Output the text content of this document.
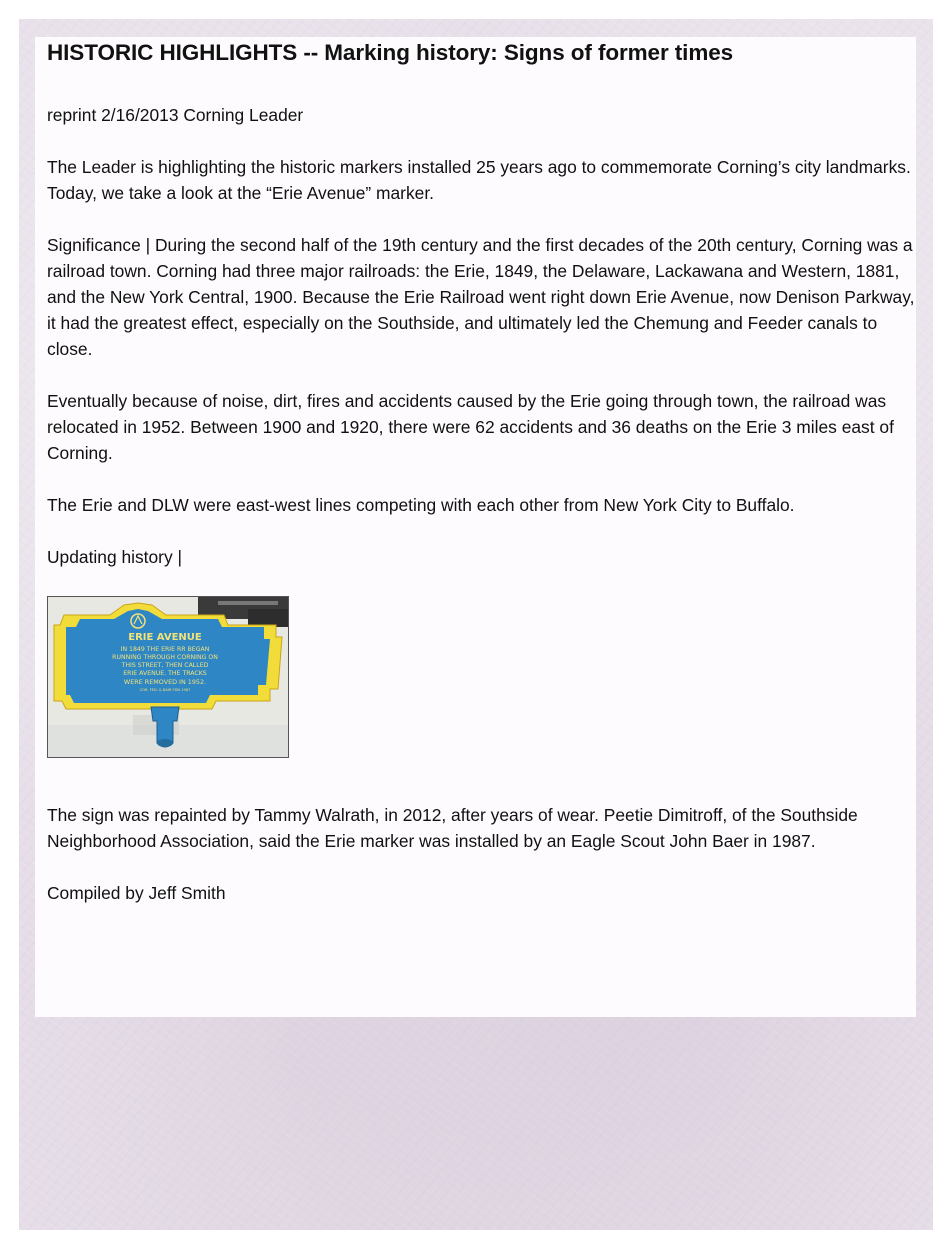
HISTORIC HIGHLIGHTS -- Marking history: Signs of former times

reprint 2/16/2013 Corning Leader

The Leader is highlighting the historic markers installed 25 years ago to commemorate Corning’s city landmarks. Today, we take a look at the “Erie Avenue” marker.

Significance | During the second half of the 19th century and the first decades of the 20th century, Corning was a railroad town. Corning had three major railroads: the Erie, 1849, the Delaware, Lackawana and Western, 1881, and the New York Central, 1900. Because the Erie Railroad went right down Erie Avenue, now Denison Parkway, it had the greatest effect, especially on the Southside, and ultimately led the Chemung and Feeder canals to close.

Eventually because of noise, dirt, fires and accidents caused by the Erie going through town, the railroad was relocated in 1952. Between 1900 and 1920, there were 62 accidents and 36 deaths on the Erie 3 miles east of Corning.

The Erie and DLW were east-west lines competing with each other from New York City to Buffalo.

Updating history |

ERIE AVENUE
IN 1849 THE ERIE RR BEGAN
RUNNING THROUGH CORNING ON
THIS STREET, THEN CALLED
ERIE AVENUE. THE TRACKS
WERE REMOVED IN 1952.
COR. FED. & BAIR FDN 1987

The sign was repainted by Tammy Walrath, in 2012, after years of wear. Peetie Dimitroff, of the Southside Neighborhood Association, said the Erie marker was installed by an Eagle Scout John Baer in 1987.

Compiled by Jeff Smith
